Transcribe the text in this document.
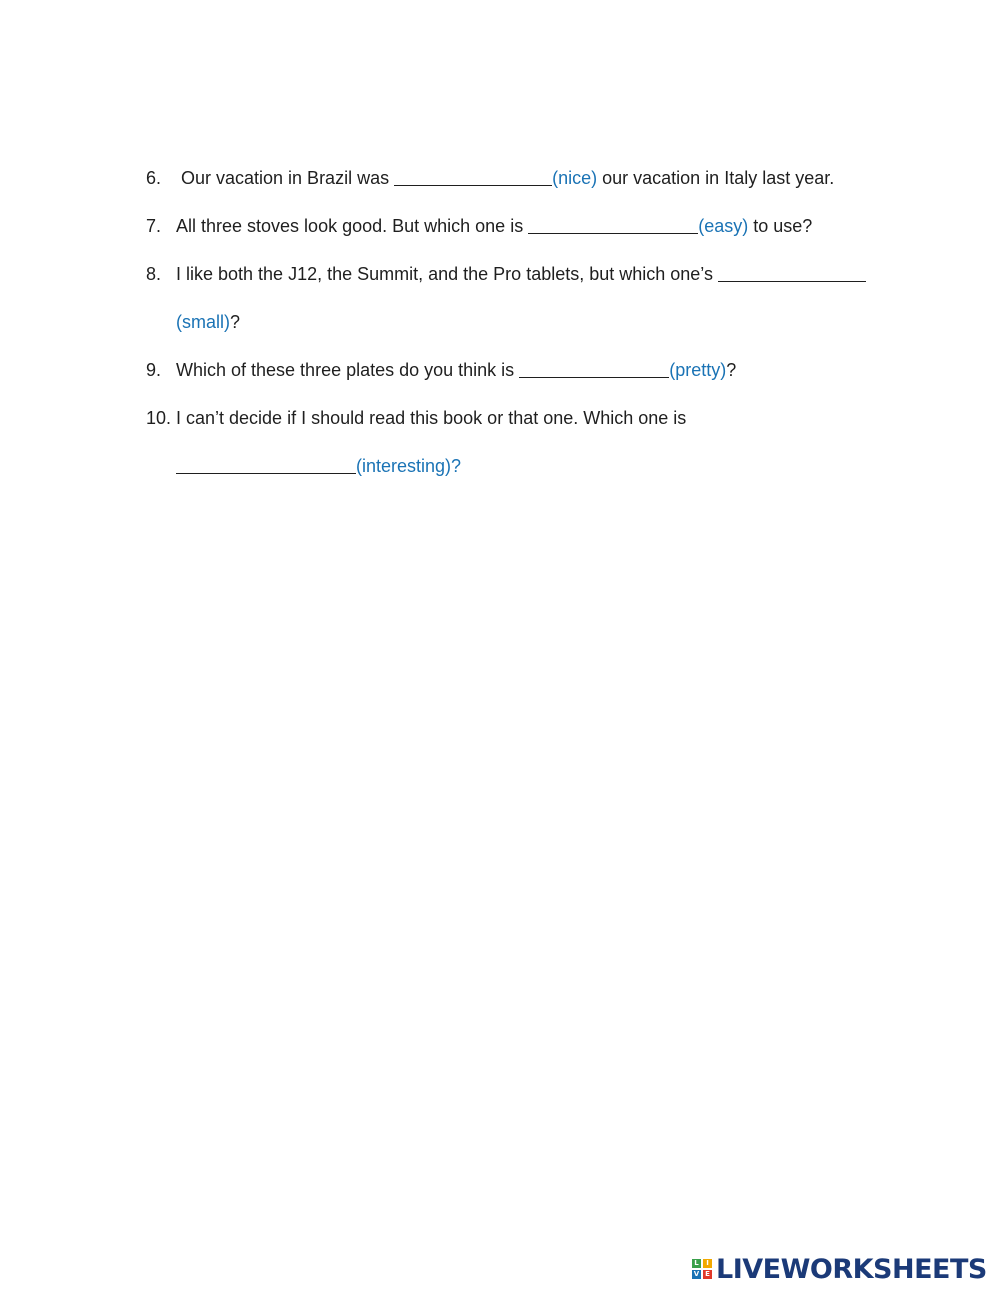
6.	Our vacation in Brazil was	(nice) our vacation in Italy last year.
7. All three stoves look good. But which one is	(easy) to use?
8. I like both the J12, the Summit, and the Pro tablets, but which one’s
(small)?
9. Which of these three plates do you think is	(pretty)?
10. I can’t decide if I should read this book or that one. Which one is
(interesting)?
L	I
V E LIVEWORKSHEETS
